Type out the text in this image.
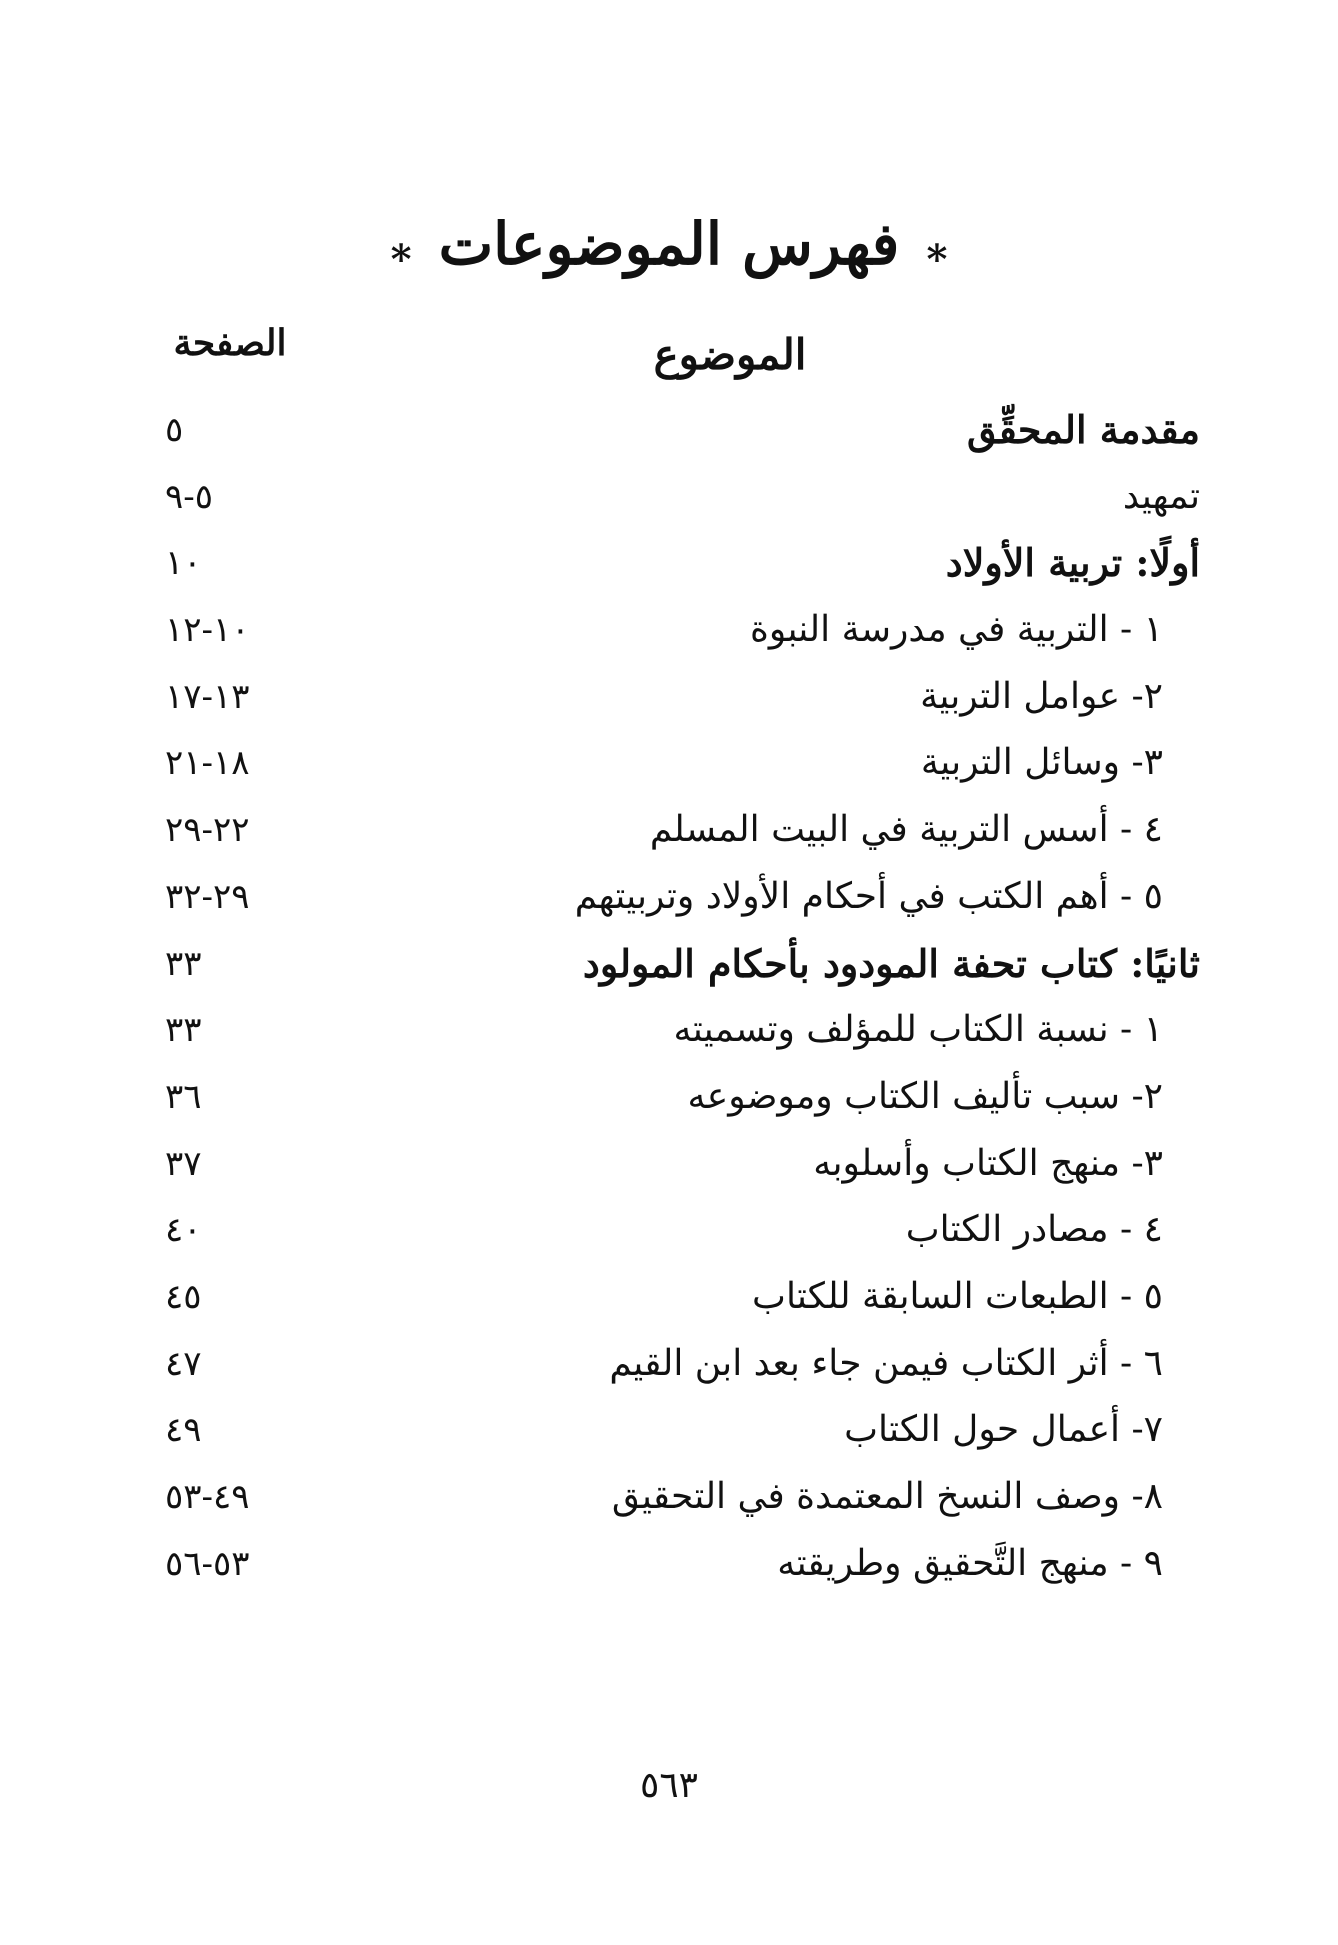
* فهرس الموضوعات *
الموضوع
الصفحة
مقدمة المحقِّق
٥
تمهيد
٥-٩
أولًا: تربية الأولاد
١٠
١ - التربية في مدرسة النبوة
١٠-١٢
٢- عوامل التربية
١٣-١٧
٣- وسائل التربية
١٨-٢١
٤ - أسس التربية في البيت المسلم
٢٢-٢٩
٥ - أهم الكتب في أحكام الأولاد وتربيتهم
٢٩-٣٢
ثانيًا: كتاب تحفة المودود بأحكام المولود
٣٣
١ - نسبة الكتاب للمؤلف وتسميته
٣٣
٢- سبب تأليف الكتاب وموضوعه
٣٦
٣- منهج الكتاب وأسلوبه
٣٧
٤ - مصادر الكتاب
٤٠
٥ - الطبعات السابقة للكتاب
٤٥
٦ - أثر الكتاب فيمن جاء بعد ابن القيم
٤٧
٧- أعمال حول الكتاب
٤٩
٨- وصف النسخ المعتمدة في التحقيق
٤٩-٥٣
٩ - منهج التَّحقيق وطريقته
٥٣-٥٦
٥٦٣
